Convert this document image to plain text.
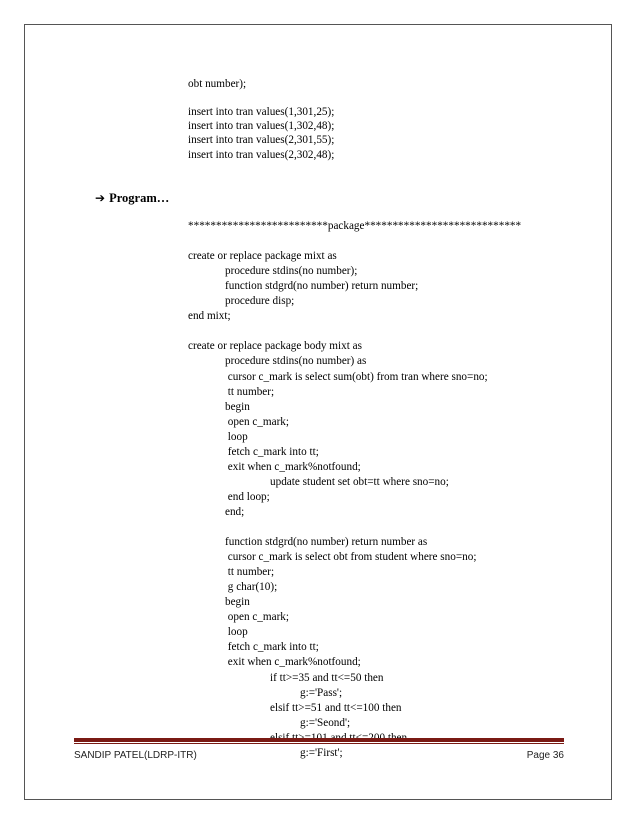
obt number);
insert into tran values(1,301,25);
insert into tran values(1,302,48);
insert into tran values(2,301,55);
insert into tran values(2,302,48);
➔ Program…
*************************package****************************
create or replace package mixt as
procedure stdins(no number);
function stdgrd(no number) return number;
procedure disp;
end mixt;
create or replace package body mixt as
procedure stdins(no number) as
cursor c_mark is select sum(obt) from tran where sno=no;
tt number;
begin
open c_mark;
loop
fetch c_mark into tt;
exit when c_mark%notfound;
update student set obt=tt where sno=no;
end loop;
end;
function stdgrd(no number) return number as
cursor c_mark is select obt from student where sno=no;
tt number;
g char(10);
begin
open c_mark;
loop
fetch c_mark into tt;
exit when c_mark%notfound;
if tt>=35 and tt<=50 then
g:='Pass';
elsif tt>=51 and tt<=100 then
g:='Seond';
g:='First';
SANDIP PATEL(LDRP-ITR)	Page 36
